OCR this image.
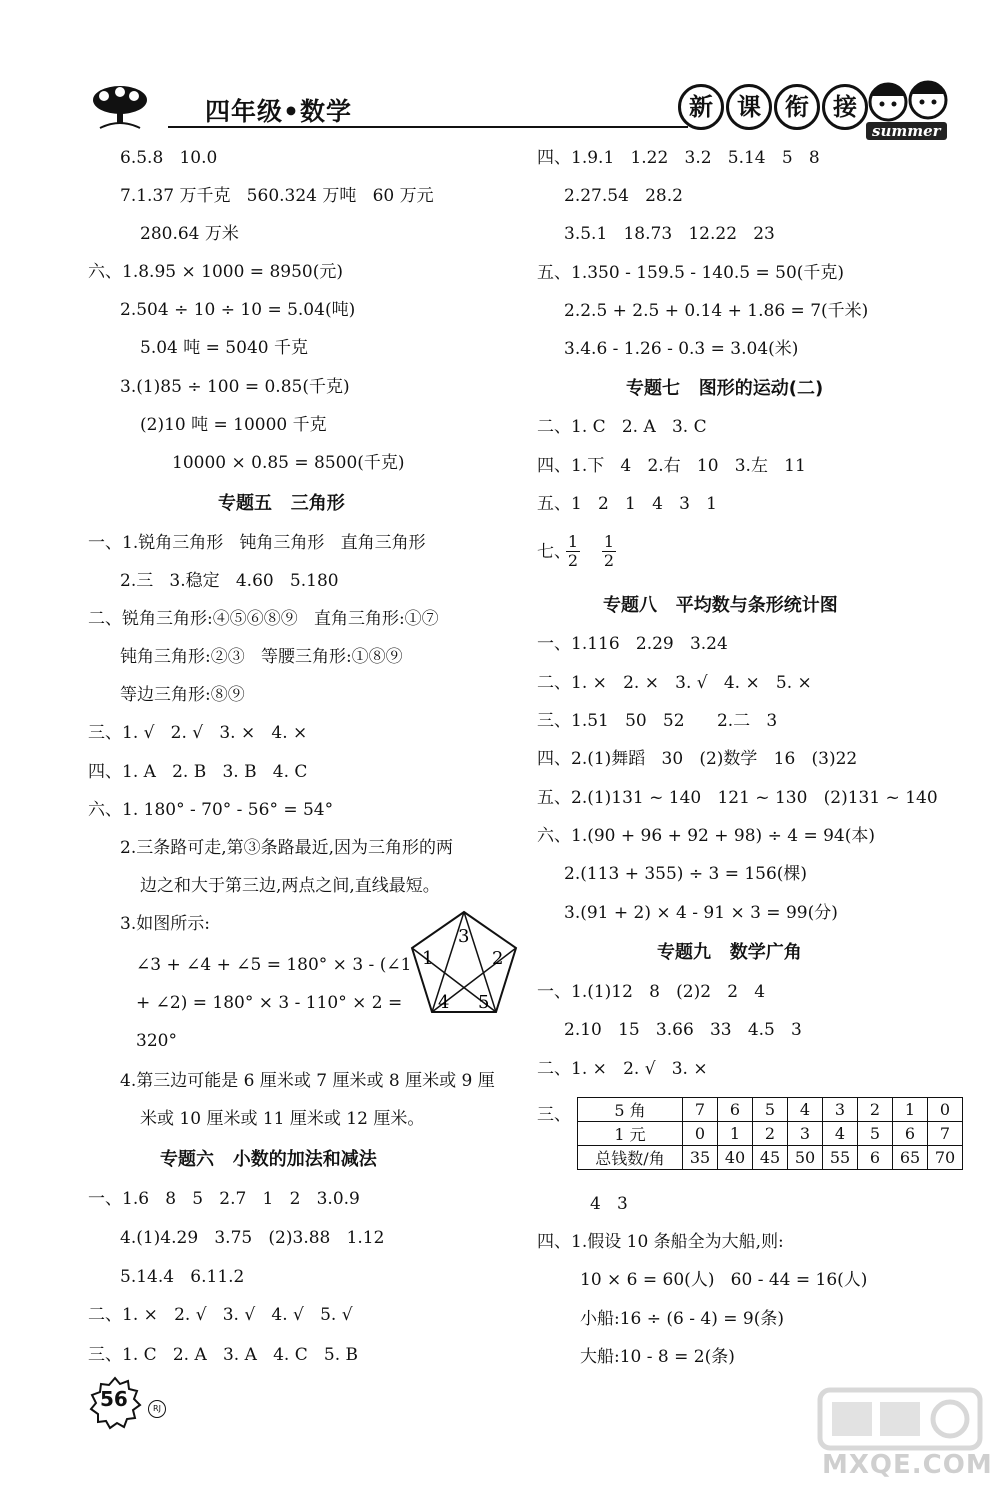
四年级•数学	新	课	衔	接
summer
6.5.8   10.0
7.1.37 万千克   560.324 万吨   60 万元
280.64 万米
六、1.8.95 × 1000 = 8950(元)
2.504 ÷ 10 ÷ 10 = 5.04(吨)
5.04 吨 = 5040 千克
3.(1)85 ÷ 100 = 0.85(千克)
(2)10 吨 = 10000 千克
10000 × 0.85 = 8500(千克)
一、1.锐角三角形   钝角三角形   直角三角形
2.三   3.稳定   4.60   5.180
二、锐角三角形:④⑤⑥⑧⑨   直角三角形:①⑦
钝角三角形:②③   等腰三角形:①⑧⑨
等边三角形:⑧⑨
三、1. √   2. √   3. ×   4. ×
四、1. A   2. B   3. B   4. C
六、1. 180° - 70° - 56° = 54°
2.三条路可走,第③条路最近,因为三角形的两
边之和大于第三边,两点之间,直线最短。
3.如图所示:
∠3 + ∠4 + ∠5 = 180° × 3 - (∠1
+ ∠2) = 180° × 3 - 110° × 2 =
320°
4.第三边可能是 6 厘米或 7 厘米或 8 厘米或 9 厘
米或 10 厘米或 11 厘米或 12 厘米。
一、1.6   8   5   2.7   1   2   3.0.9
4.(1)4.29   3.75   (2)3.88   1.12
5.14.4   6.11.2
二、1. ×   2. √   3. √   4. √   5. √
三、1. C   2. A   3. A   4. C   5. B
专题五   三角形
专题六   小数的加法和减法
四、1.9.1   1.22   3.2   5.14   5   8
2.27.54   28.2
3.5.1   18.73   12.22   23
五、1.350 - 159.5 - 140.5 = 50(千克)
2.2.5 + 2.5 + 0.14 + 1.86 = 7(千米)
3.4.6 - 1.26 - 0.3 = 3.04(米)
二、1. C   2. A   3. C
四、1.下   4   2.右   10   3.左   11
五、1   2   1   4   3   1
七、
一、1.116   2.29   3.24
二、1. ×   2. ×   3. √   4. ×   5. ×
三、1.51   50   52      2.二   3
四、2.(1)舞蹈   30   (2)数学   16   (3)22
五、2.(1)131 ~ 140   121 ~ 130   (2)131 ~ 140
六、1.(90 + 96 + 92 + 98) ÷ 4 = 94(本)
2.(113 + 355) ÷ 3 = 156(棵)
3.(91 + 2) × 4 - 91 × 3 = 99(分)
一、1.(1)12   8   (2)2   2   4
2.10   15   3.66   33   4.5   3
二、1. ×   2. √   3. ×
三、
4   3
四、1.假设 10 条船全为大船,则:
10 × 6 = 60(人)   60 - 44 = 16(人)
小船:16 ÷ (6 - 4) = 9(条)
大船:10 - 8 = 2(条)
专题七   图形的运动(二)
专题八   平均数与条形统计图
专题九   数学广角
1
2
1
2
1	2
3
4 5
5 角	7	6	5	4	3	2	1	0
1 元	0	1	2	3	4	5	6	7
总钱数/角	35	40	45	50	55	6	65	70
56	RJ
MXQE.COM
